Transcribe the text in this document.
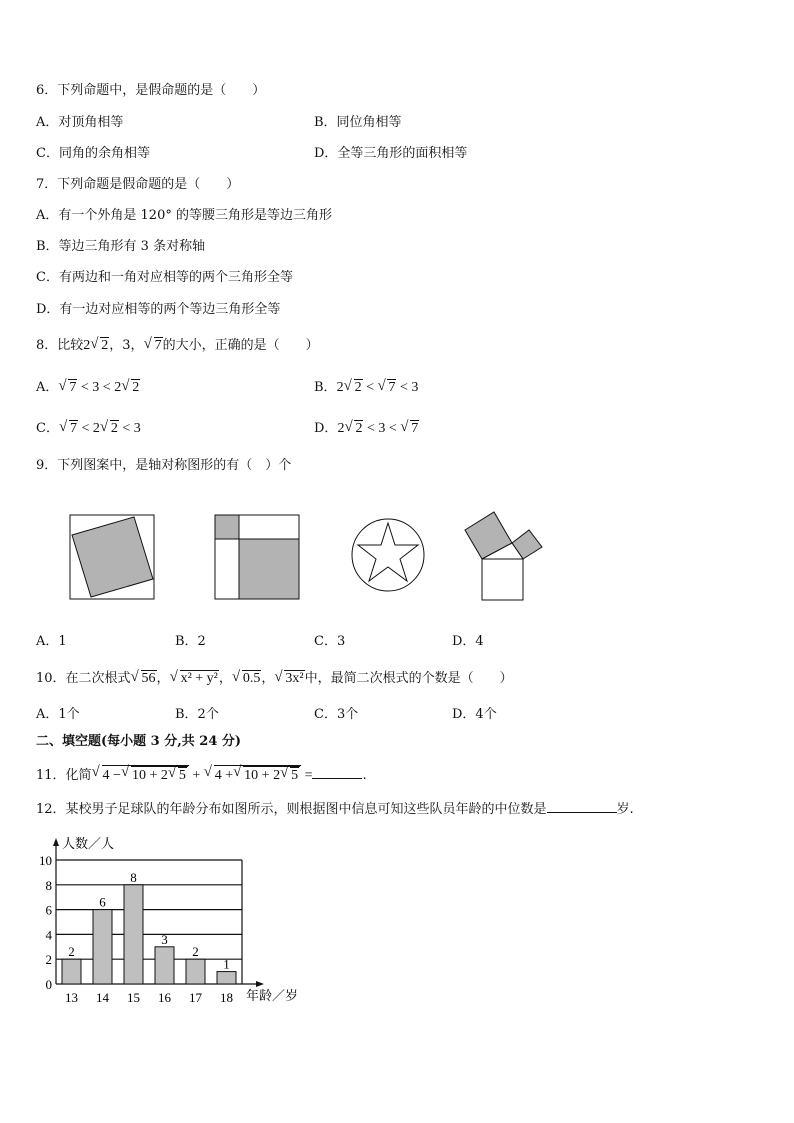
6．下列命题中，是假命题的是（　　）
A．对顶角相等	B．同位角相等
C．同角的余角相等	D．全等三角形的面积相等
7．下列命题是假命题的是（　　）
A．有一个外角是 120° 的等腰三角形是等边三角形
B．等边三角形有 3 条对称轴
C．有两边和一角对应相等的两个三角形全等
D．有一边对应相等的两个等边三角形全等
8．比较2 √ 2，3， √ 7的大小，正确的是（　　）
A． √ 7 < 3 < 2 √ 2	B．2 √ 2 < √ 7 < 3
C． √ 7 < 2 √ 2 < 3	D．2 √ 2 < 3 < √ 7
9．下列图案中，是轴对称图形的有（　）个
A．1	B．2	C．3	D．4
10．在二次根式 √ 56， √ x² + y²， √ 0.5， √ 3x²中，最简二次根式的个数是（　　）
A．1个	B．2个	C．3个	D．4个
二、填空题(每小题 3 分,共 24 分)
11．化简 √ 4 − √ 10 + 2 √ 5 + √ 4 + √ 10 + 2 √ 5 =	.
12．某校男子足球队的年龄分布如图所示，则根据图中信息可知这些队员年龄的中位数是	岁.
人数／人
年龄／岁
0
2
4
6
8
10
2
13
6
14
8
15
3
16
2
17
1
18
